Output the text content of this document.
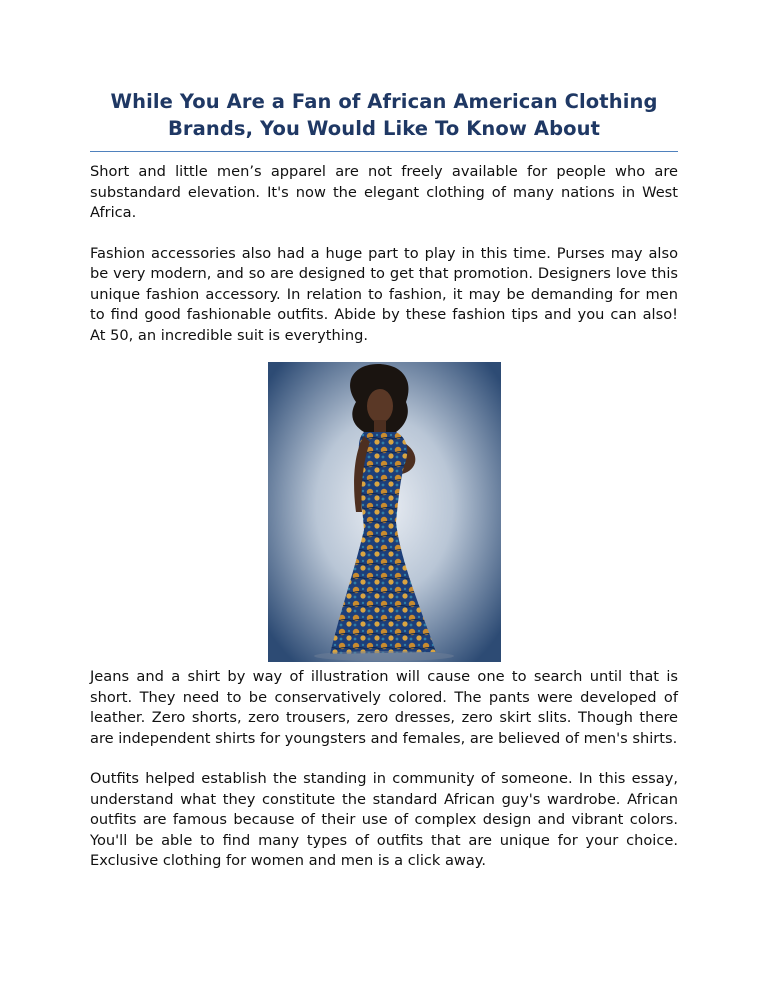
While You Are a Fan of African American Clothing
Brands, You Would Like To Know About

Short and little men’s apparel are not freely available for people who are substandard elevation. It's now the elegant clothing of many nations in West Africa.

Fashion accessories also had a huge part to play in this time. Purses may also be very modern, and so are designed to get that promotion. Designers love this unique fashion accessory. In relation to fashion, it may be demanding for men to find good fashionable outfits. Abide by these fashion tips and you can also! At 50, an incredible suit is everything.

Jeans and a shirt by way of illustration will cause one to search until that is short. They need to be conservatively colored. The pants were developed of leather. Zero shorts, zero trousers, zero dresses, zero skirt slits. Though there are independent shirts for youngsters and females, are believed of men's shirts.

Outfits helped establish the standing in community of someone. In this essay, understand what they constitute the standard African guy's wardrobe. African outfits are famous because of their use of complex design and vibrant colors. You'll be able to find many types of outfits that are unique for your choice. Exclusive clothing for women and men is a click away.
